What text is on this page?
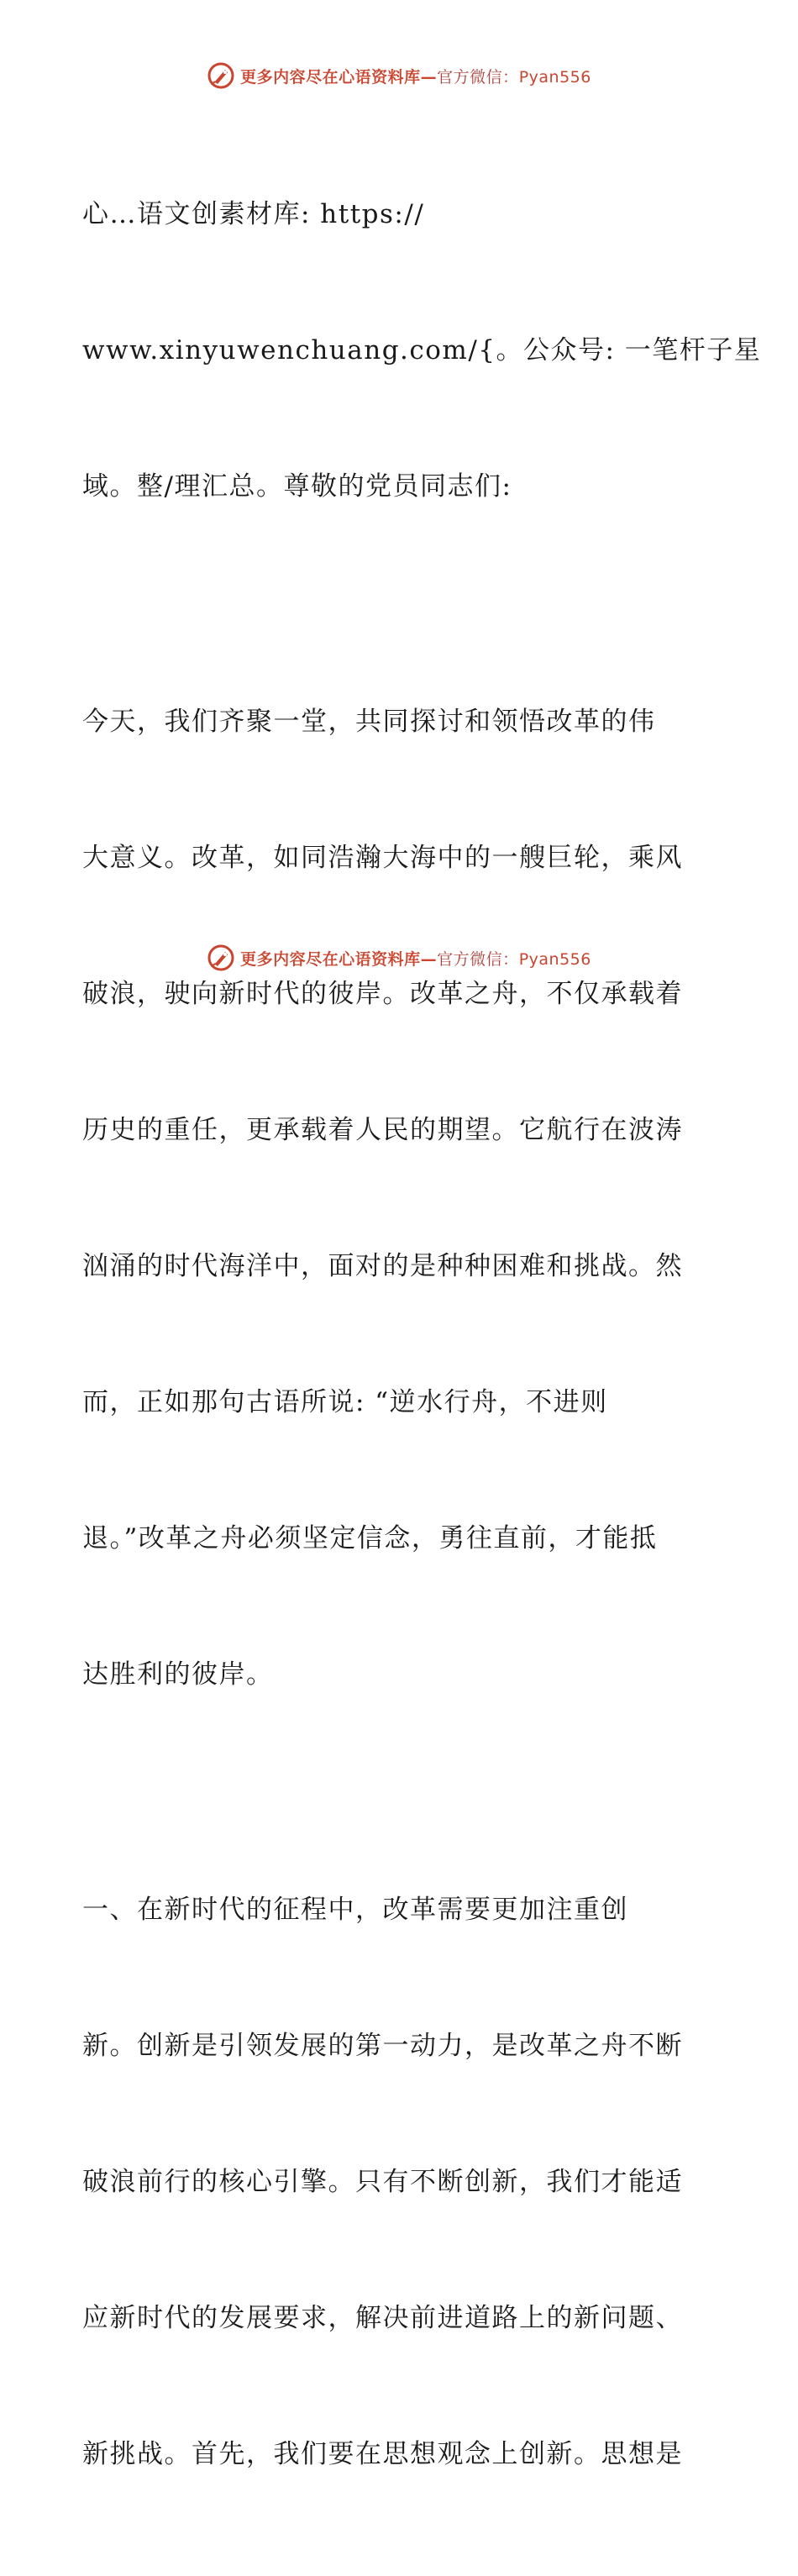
更多内容尽在心语资料库—官方微信：Pyan556

心…语文创素材库: https://

www.xinyuwenchuang.com/{。公众号: 一笔杆子星

域。整/理汇总。尊敬的党员同志们:

今天，我们齐聚一堂，共同探讨和领悟改革的伟

大意义。改革，如同浩瀚大海中的一艘巨轮，乘风

破浪，驶向新时代的彼岸。改革之舟，不仅承载着

历史的重任，更承载着人民的期望。它航行在波涛

汹涌的时代海洋中，面对的是种种困难和挑战。然

而，正如那句古语所说: “逆水行舟，不进则

退。”改革之舟必须坚定信念，勇往直前，才能抵

达胜利的彼岸。

一、在新时代的征程中，改革需要更加注重创

新。创新是引领发展的第一动力，是改革之舟不断

破浪前行的核心引擎。只有不断创新，我们才能适

应新时代的发展要求，解决前进道路上的新问题、

新挑战。首先，我们要在思想观念上创新。思想是

更多内容尽在心语资料库—官方微信：Pyan556
